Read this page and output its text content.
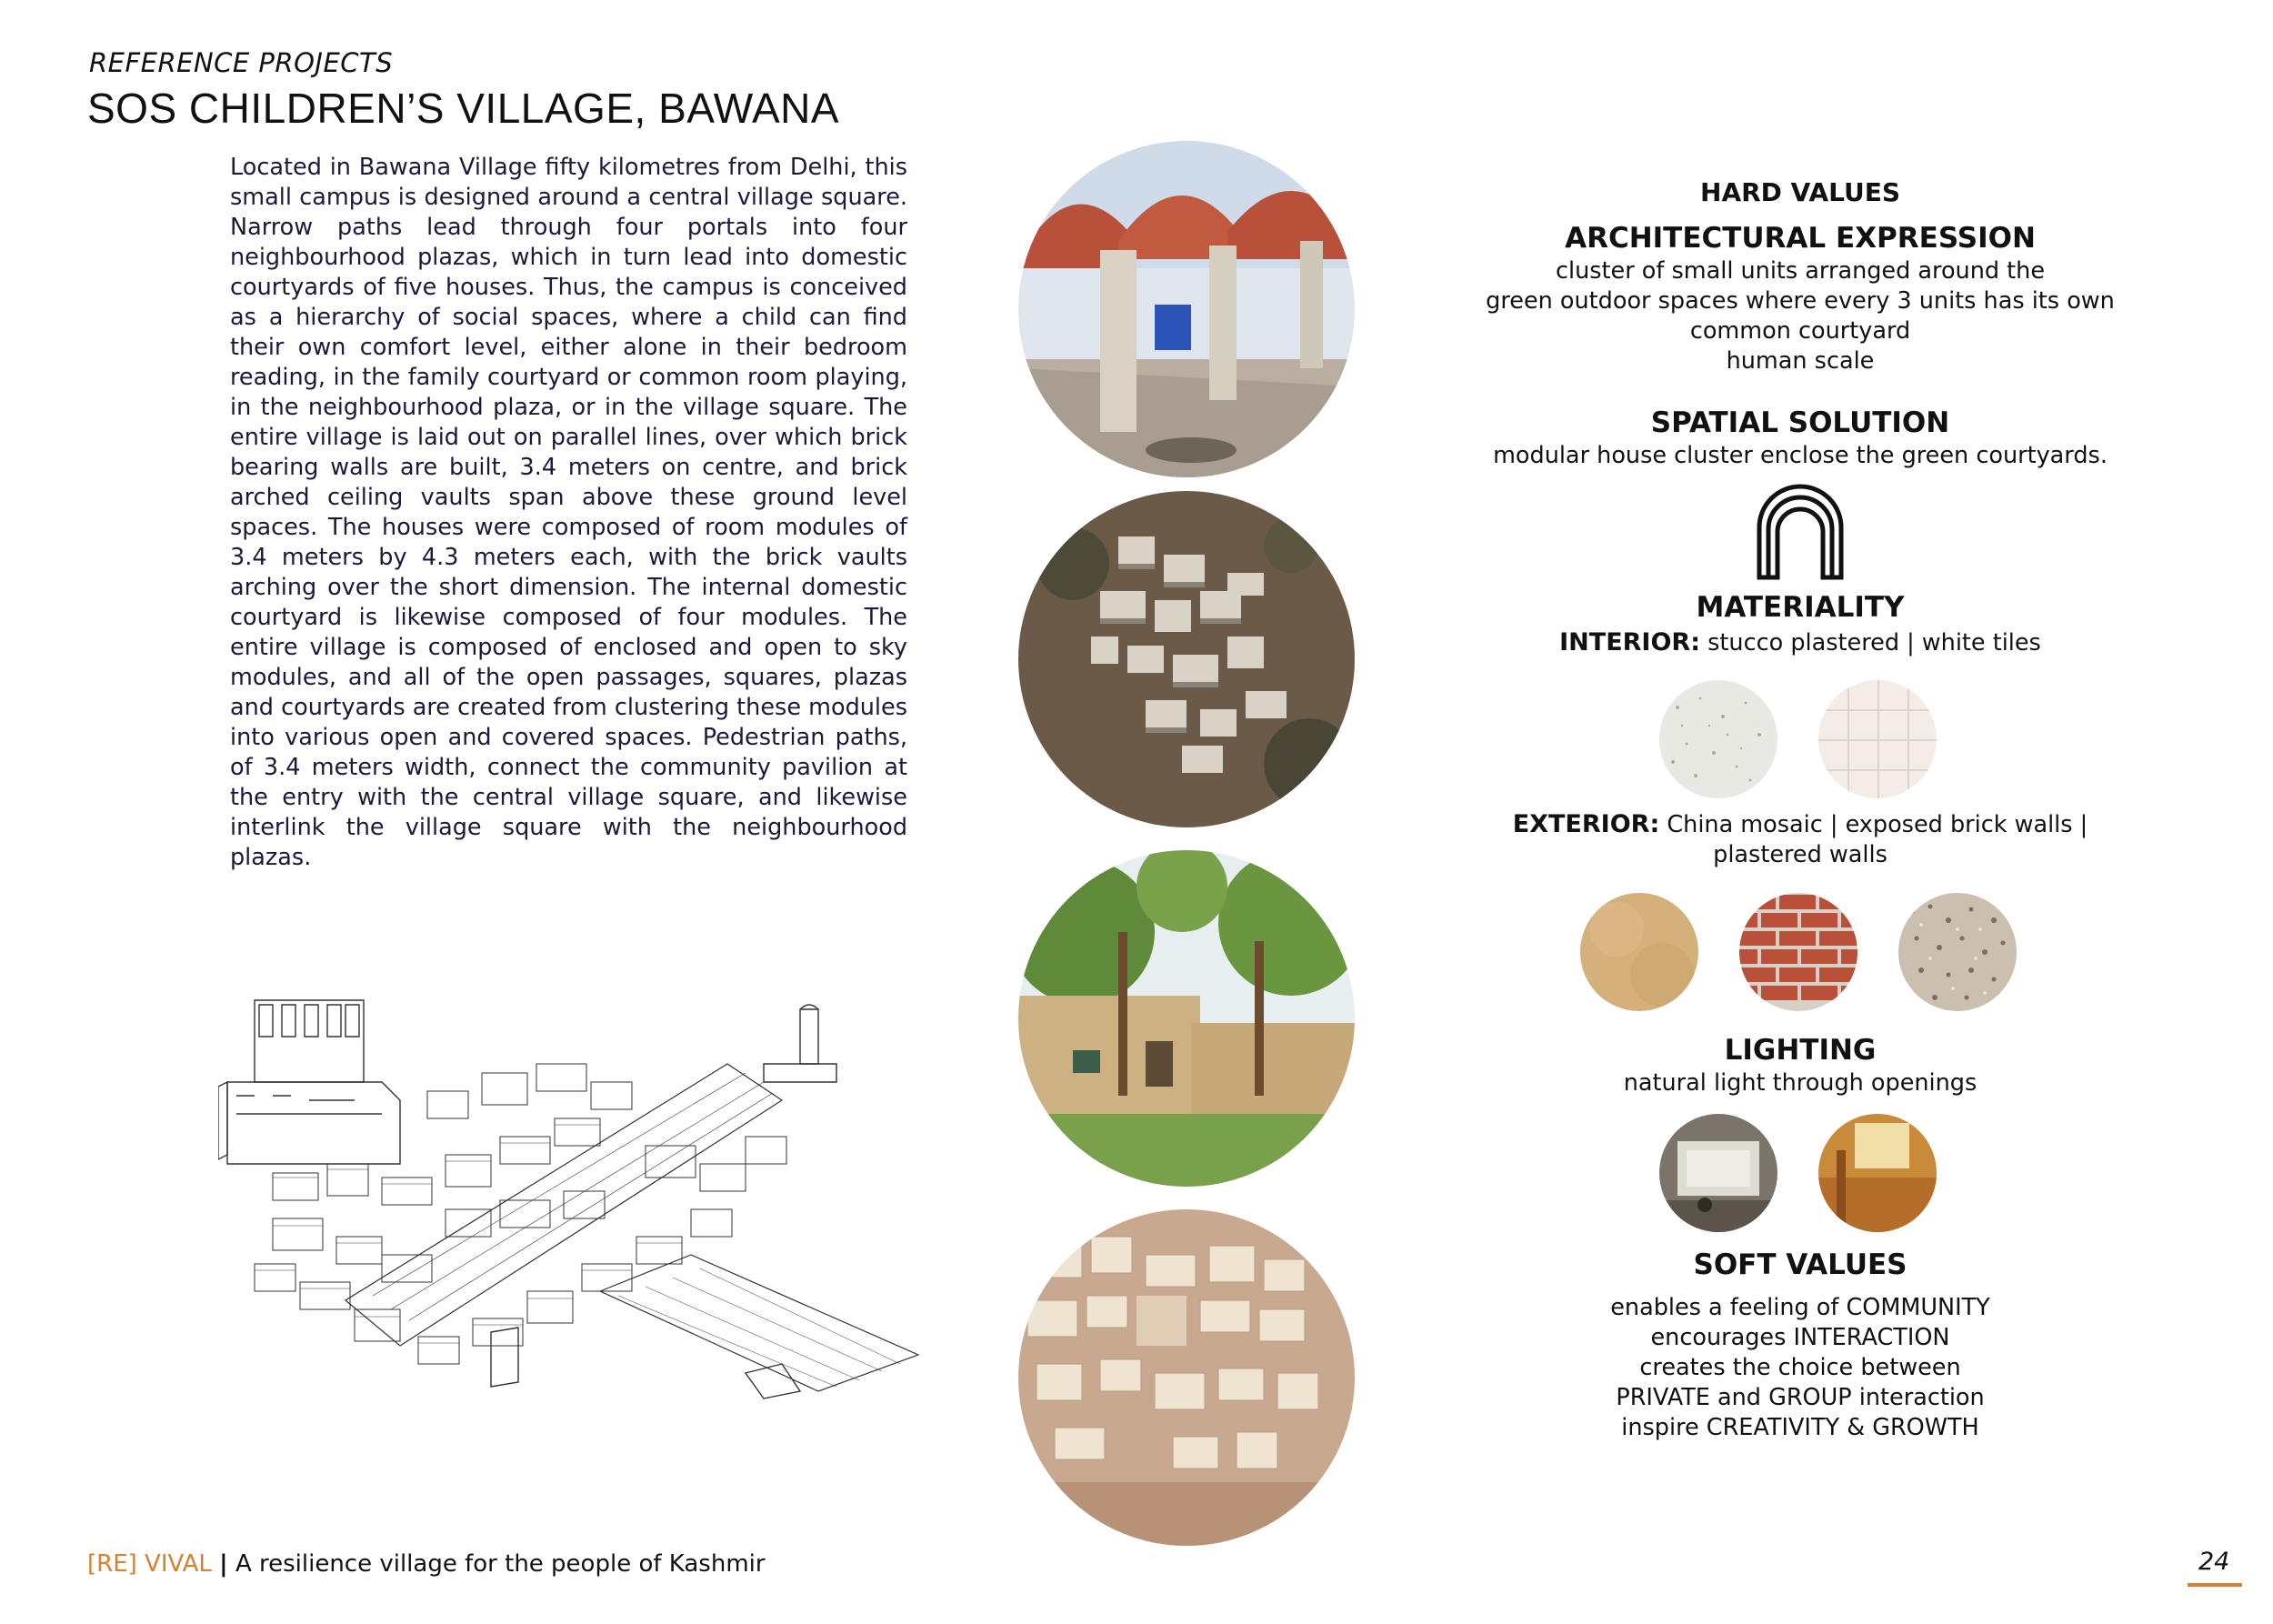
REFERENCE PROJECTS
SOS CHILDREN’S VILLAGE, BAWANA
Located in Bawana Village fifty kilometres from Delhi, this small campus is designed around a central village square. Narrow paths lead through four portals into four neighbourhood plazas, which in turn lead into domestic courtyards of five houses. Thus, the campus is conceived as a hierarchy of social spaces, where a child can find their own comfort level, either alone in their bedroom reading, in the family courtyard or common room playing, in the neighbourhood plaza, or in the village square. The entire village is laid out on parallel lines, over which brick bearing walls are built, 3.4 meters on centre, and brick arched ceiling vaults span above these ground level spaces. The houses were composed of room modules of 3.4 meters by 4.3 meters each, with the brick vaults arching over the short dimension. The internal domestic courtyard is likewise composed of four modules. The entire village is composed of enclosed and open to sky modules, and all of the open passages, squares, plazas and courtyards are created from clustering these modules into various open and covered spaces. Pedestrian paths, of 3.4 meters width, connect the community pavilion at the entry with the central village square, and likewise interlink the village square with the neighbourhood plazas.
HARD VALUES
ARCHITECTURAL EXPRESSION
cluster of small units arranged around the
green outdoor spaces where every 3 units has its own
common courtyard
human scale
SPATIAL SOLUTION
modular house cluster enclose the green courtyards.
MATERIALITY
INTERIOR: stucco plastered | white tiles
EXTERIOR: China mosaic | exposed brick walls |
plastered walls
LIGHTING
natural light through openings
SOFT VALUES
enables a feeling of COMMUNITY
encourages INTERACTION
creates the choice between
PRIVATE and GROUP interaction
inspire CREATIVITY & GROWTH
[RE] VIVAL | A resilience village for the people of Kashmir	24
